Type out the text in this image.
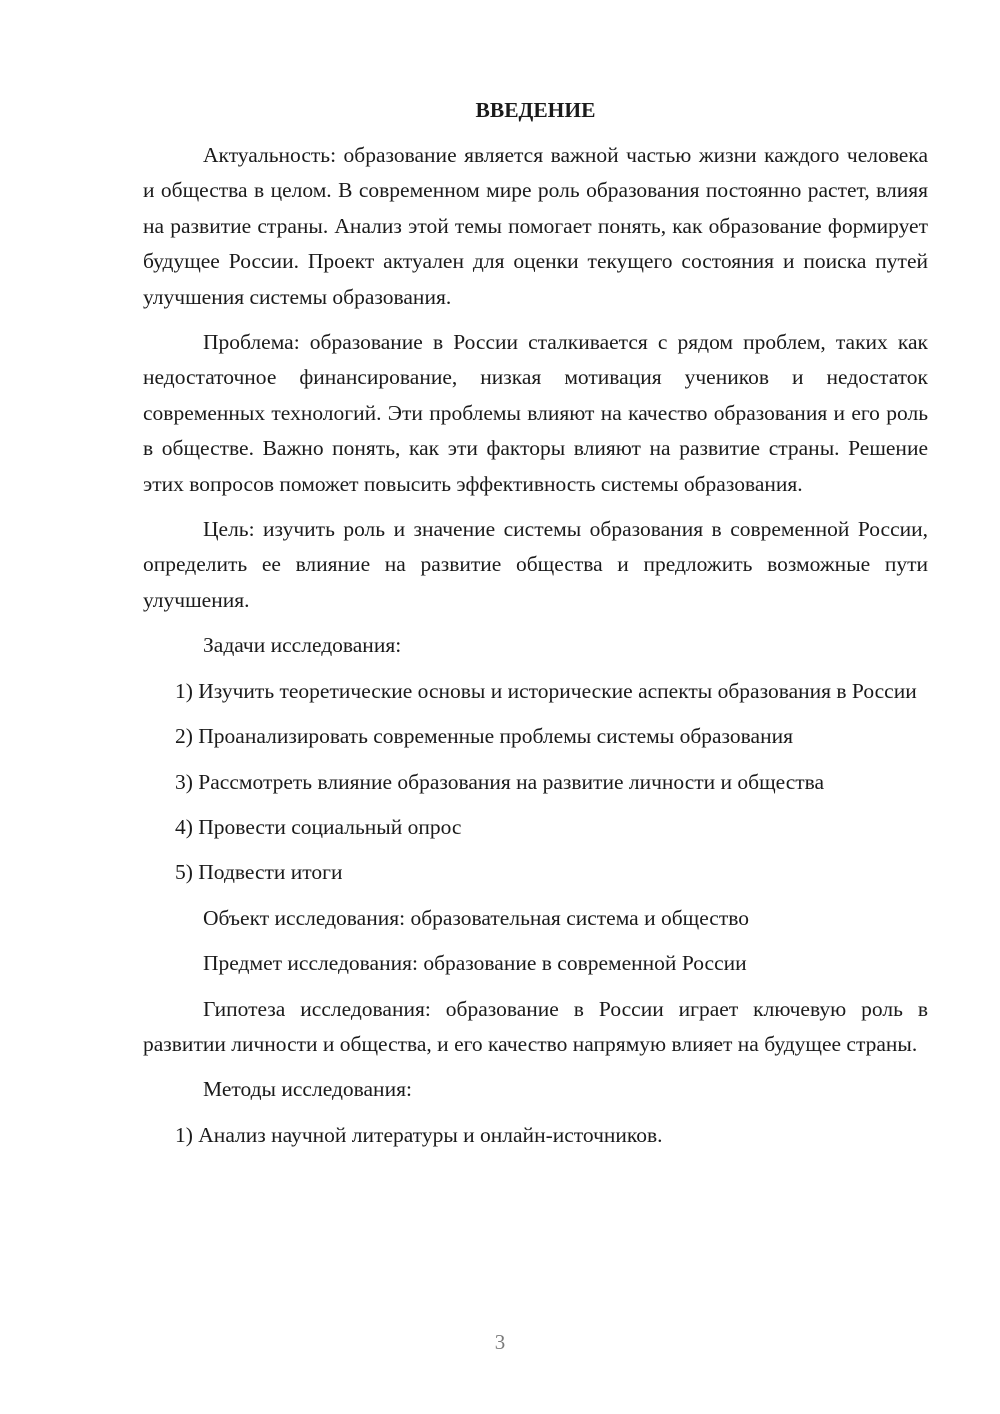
ВВЕДЕНИЕ

Актуальность: образование является важной частью жизни каждого человека и общества в целом. В современном мире роль образования постоянно растет, влияя на развитие страны. Анализ этой темы помогает понять, как образование формирует будущее России. Проект актуален для оценки текущего состояния и поиска путей улучшения системы образования.

Проблема: образование в России сталкивается с рядом проблем, таких как недостаточное финансирование, низкая мотивация учеников и недостаток современных технологий. Эти проблемы влияют на качество образования и его роль в обществе. Важно понять, как эти факторы влияют на развитие страны. Решение этих вопросов поможет повысить эффективность системы образования.

Цель: изучить роль и значение системы образования в современной России, определить ее влияние на развитие общества и предложить возможные пути улучшения.

Задачи исследования:

1) Изучить теоретические основы и исторические аспекты образования в России

2) Проанализировать современные проблемы системы образования

3) Рассмотреть влияние образования на развитие личности и общества

4) Провести социальный опрос

5) Подвести итоги

Объект исследования: образовательная система и общество

Предмет исследования: образование в современной России

Гипотеза исследования: образование в России играет ключевую роль в развитии личности и общества, и его качество напрямую влияет на будущее страны.

Методы исследования:

1) Анализ научной литературы и онлайн-источников.

3
